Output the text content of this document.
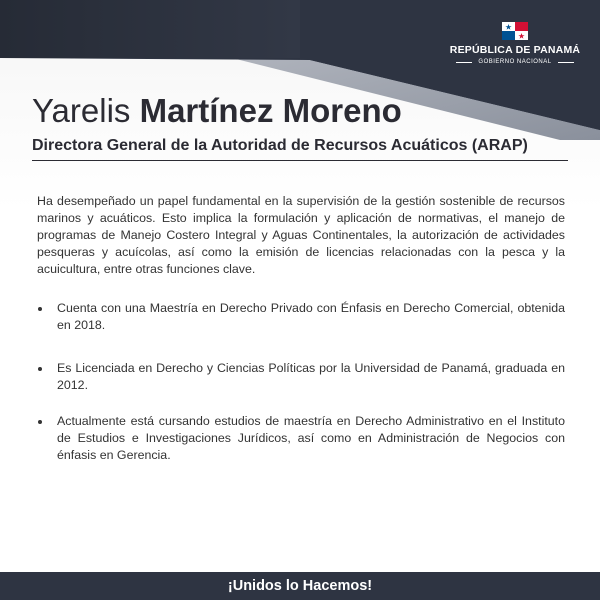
REPÚBLICA DE PANAMÁ
GOBIERNO NACIONAL
Yarelis Martínez Moreno
Directora General de la Autoridad de Recursos Acuáticos (ARAP)
Ha desempeñado un papel fundamental en la supervisión de la gestión sostenible de recursos marinos y acuáticos. Esto implica la formulación y aplicación de normativas, el manejo de programas de Manejo Costero Integral y Aguas Continentales, la autorización de actividades pesqueras y acuícolas, así como la emisión de licencias relacionadas con la pesca y la acuicultura, entre otras funciones clave.
Cuenta con una Maestría en Derecho Privado con Énfasis en Derecho Comercial, obtenida en 2018.
Es Licenciada en Derecho y Ciencias Políticas por la Universidad de Panamá, graduada en 2012.
Actualmente está cursando estudios de maestría en Derecho Administrativo en el Instituto de Estudios e Investigaciones Jurídicos, así como en Administración de Negocios con énfasis en Gerencia.
¡Unidos lo Hacemos!
